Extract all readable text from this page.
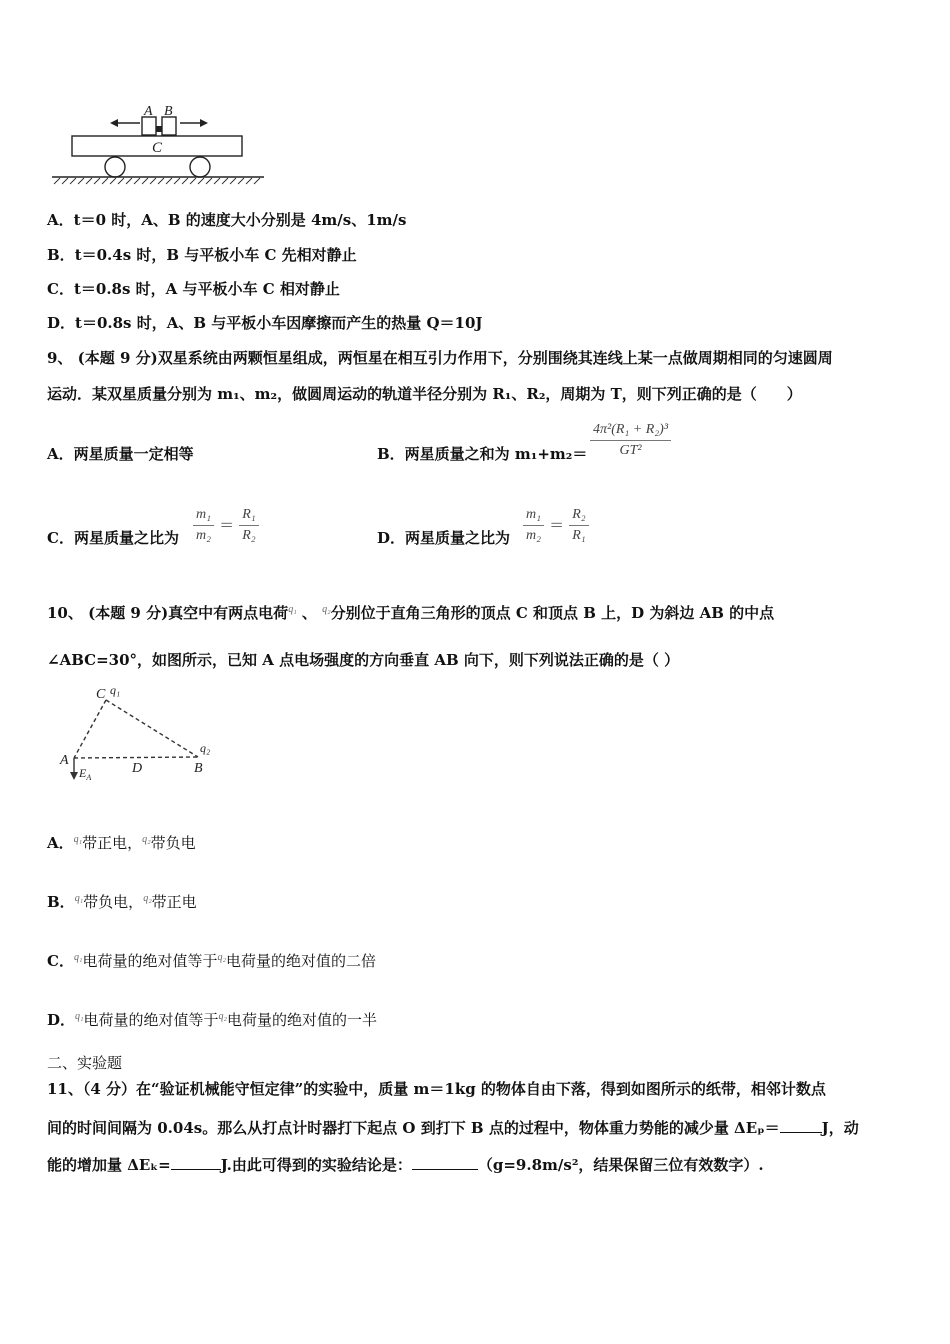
A B
C
A．t＝0 时，A、B 的速度大小分别是 4m/s、1m/s
B．t＝0.4s 时，B 与平板小车 C 先相对静止
C．t＝0.8s 时，A 与平板小车 C 相对静止
D．t＝0.8s 时，A、B 与平板小车因摩擦而产生的热量 Q＝10J
9、 (本题 9 分)双星系统由两颗恒星组成，两恒星在相互引力作用下，分别围绕其连线上某一点做周期相同的匀速圆周
运动．某双星质量分别为 m₁、m₂，做圆周运动的轨道半径分别为 R₁、R₂，周期为 T，则下列正确的是（　　）
A．两星质量一定相等	B．两星质量之和为 $m_1+m_2= \frac{\text{4π²(R₁ + R₂)³}}{\text{GT²}}$
C．两星质量之比为 $\frac{\text{m₁}}{\text{m₂}} = \frac{\text{R₁}}{\text{R₂}}$	D．两星质量之比为 $\frac{\text{m₁}}{\text{m₂}} = \frac{\text{R₂}}{\text{R₁}}$
10、 (本题 9 分)真空中有两点电荷$^{q_1}$ 、 $^{q_2}$分别位于直角三角形的顶点 C 和顶点 B 上，D 为斜边 AB 的中点
∠ABC=30°，如图所示，已知 A 点电场强度的方向垂直 AB 向下，则下列说法正确的是（ ）
C q₁
q₂
A
D	B
$E_A$
A．$^{q_1}$带正电，$^{q_2}$带负电
B．$^{q_1}$带负电，$^{q_2}$带正电
C．$^{q_1}$电荷量的绝对值等于$^{q_2}$电荷量的绝对值的二倍
D．$^{q_1}$电荷量的绝对值等于$^{q_2}$电荷量的绝对值的一半
二、实验题
11、（4 分）在“验证机械能守恒定律”的实验中，质量 m＝1kg 的物体自由下落，得到如图所示的纸带，相邻计数点
间的时间间隔为 0.04s。那么从打点计时器打下起点 O 到打下 B 点的过程中，物体重力势能的减少量 ΔEₚ＝	J，动
能的增加量 ΔEₖ=	J.由此可得到的实验结论是：	（g=9.8m/s²，结果保留三位有效数字）.
